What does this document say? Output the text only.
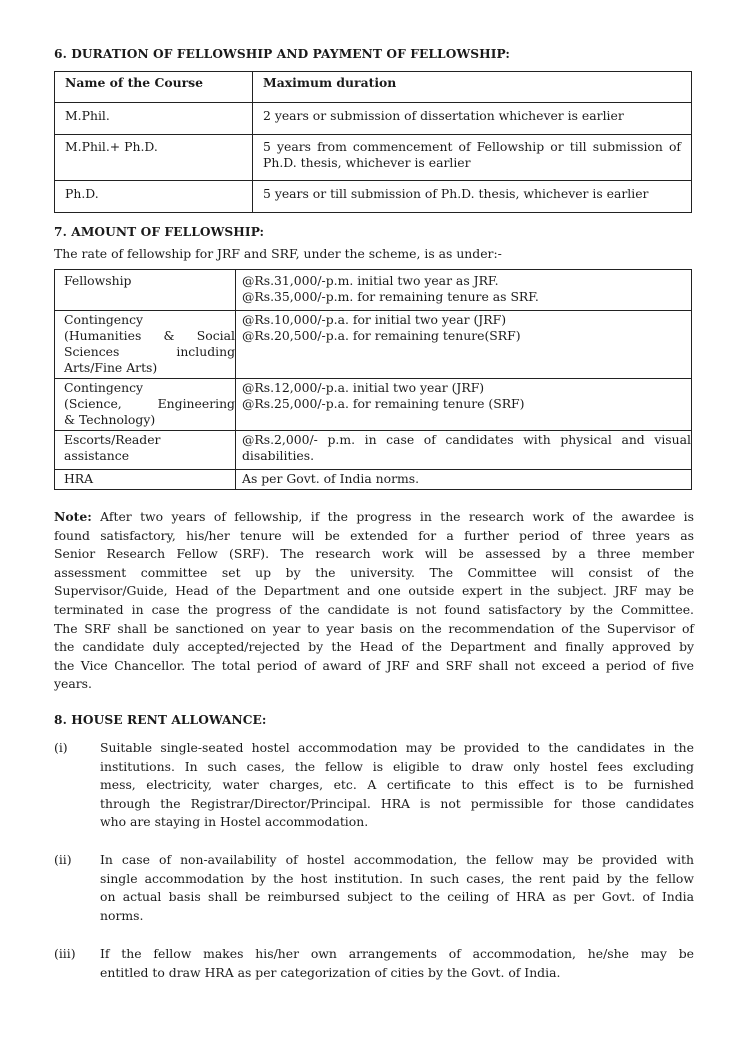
6. DURATION OF FELLOWSHIP AND PAYMENT OF FELLOWSHIP:
Name of the Course	Maximum duration
M.Phil.	2 years or submission of dissertation whichever is earlier
M.Phil.+ Ph.D.	5 years from commencement of Fellowship or till submission of
Ph.D. thesis, whichever is earlier

Ph.D.	5 years or till submission of Ph.D. thesis, whichever is earlier
7. AMOUNT OF FELLOWSHIP:
The rate of fellowship for JRF and SRF, under the scheme, is as under:-
Fellowship	@Rs.31,000/-p.m. initial two year as JRF.
@Rs.35,000/-p.m. for remaining tenure as SRF.

Contingency
(Humanities & Social
Sciences including
Arts/Fine Arts)	@Rs.10,000/-p.a. for initial two year (JRF)
@Rs.20,500/-p.a. for remaining tenure(SRF)

Contingency
(Science, Engineering
& Technology)	@Rs.12,000/-p.a. initial two year (JRF)
@Rs.25,000/-p.a. for remaining tenure (SRF)

Escorts/Reader
assistance	@Rs.2,000/- p.m. in case of candidates with physical and visual
disabilities.

HRA	As per Govt. of India norms.
Note: After two years of fellowship, if the progress in the research work of the awardee is
found satisfactory, his/her tenure will be extended for a further period of three years as
Senior Research Fellow (SRF). The research work will be assessed by a three member
assessment committee set up by the university. The Committee will consist of the
Supervisor/Guide, Head of the Department and one outside expert in the subject. JRF may be
terminated in case the progress of the candidate is not found satisfactory by the Committee.
The SRF shall be sanctioned on year to year basis on the recommendation of the Supervisor of
the candidate duly accepted/rejected by the Head of the Department and finally approved by
the Vice Chancellor. The total period of award of JRF and SRF shall not exceed a period of five
years.
8. HOUSE RENT ALLOWANCE:
(i)	Suitable single-seated hostel accommodation may be provided to the candidates in the
institutions. In such cases, the fellow is eligible to draw only hostel fees excluding
mess, electricity, water charges, etc. A certificate to this effect is to be furnished
through the Registrar/Director/Principal. HRA is not permissible for those candidates
who are staying in Hostel accommodation.
(ii) In case of non-availability of hostel accommodation, the fellow may be provided with
single accommodation by the host institution. In such cases, the rent paid by the fellow
on actual basis shall be reimbursed subject to the ceiling of HRA as per Govt. of India
norms.
(iii) If the fellow makes his/her own arrangements of accommodation, he/she may be
entitled to draw HRA as per categorization of cities by the Govt. of India.
